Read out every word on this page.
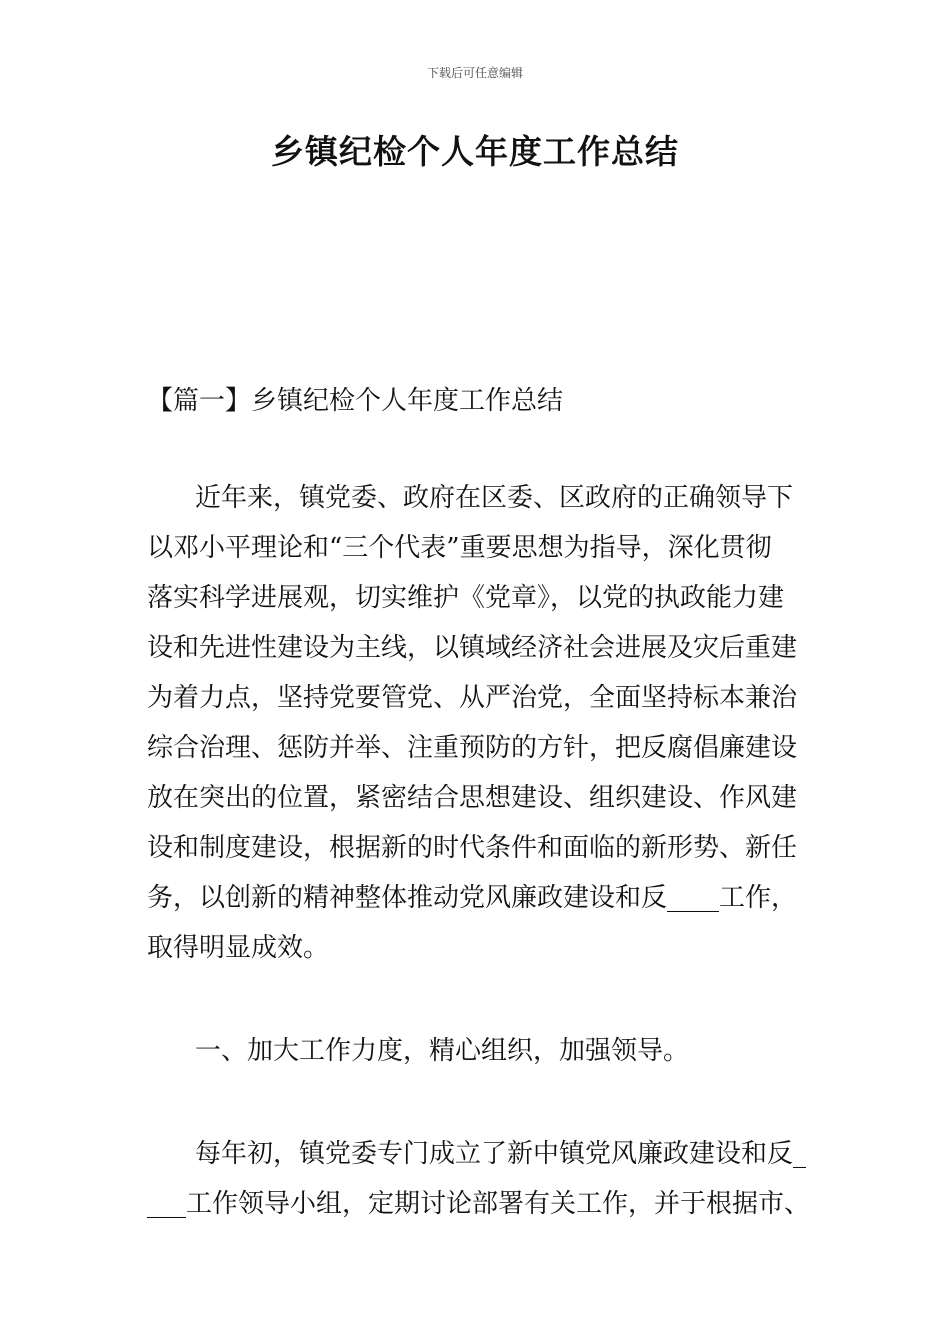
下载后可任意编辑
乡镇纪检个人年度工作总结
【篇一】乡镇纪检个人年度工作总结

近年来，镇党委、政府在区委、区政府的正确领导下

以邓小平理论和“三个代表”重要思想为指导，深化贯彻

落实科学进展观，切实维护《党章》，以党的执政能力建

设和先进性建设为主线，以镇域经济社会进展及灾后重建

为着力点，坚持党要管党、从严治党，全面坚持标本兼治

综合治理、惩防并举、注重预防的方针，把反腐倡廉建设

放在突出的位置，紧密结合思想建设、组织建设、作风建

设和制度建设，根据新的时代条件和面临的新形势、新任

务，以创新的精神整体推动党风廉政建设和反____工作，

取得明显成效。

一、加大工作力度，精心组织，加强领导。

每年初，镇党委专门成立了新中镇党风廉政建设和反_

___工作领导小组，定期讨论部署有关工作，并于根据市、
